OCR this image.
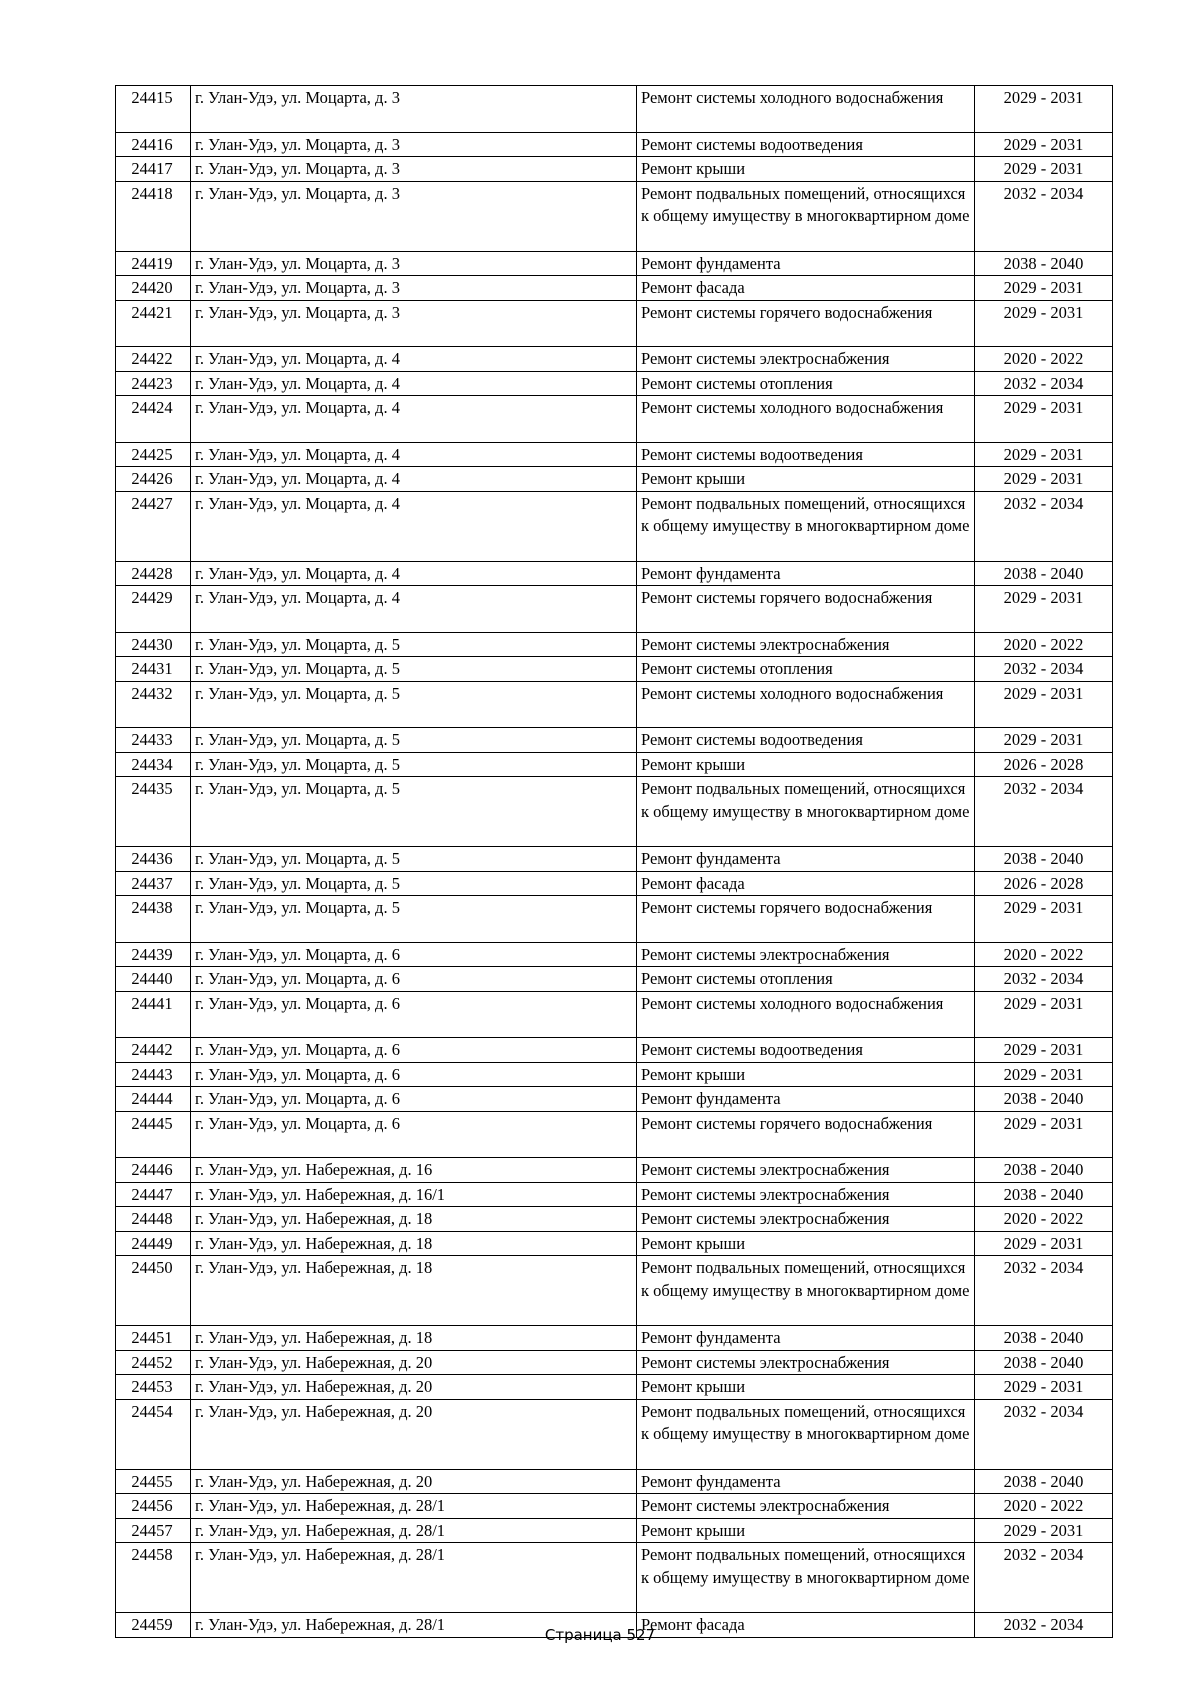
24415	г. Улан-Удэ, ул. Моцарта, д. 3	Ремонт системы холодного водоснабжения	2029 - 2031
24416	г. Улан-Удэ, ул. Моцарта, д. 3	Ремонт системы водоотведения	2029 - 2031
24417	г. Улан-Удэ, ул. Моцарта, д. 3	Ремонт крыши	2029 - 2031
24418	г. Улан-Удэ, ул. Моцарта, д. 3	Ремонт подвальных помещений, относящихся к общему имуществу в многоквартирном доме	2032 - 2034
24419	г. Улан-Удэ, ул. Моцарта, д. 3	Ремонт фундамента	2038 - 2040
24420	г. Улан-Удэ, ул. Моцарта, д. 3	Ремонт фасада	2029 - 2031
24421	г. Улан-Удэ, ул. Моцарта, д. 3	Ремонт системы горячего водоснабжения	2029 - 2031
24422	г. Улан-Удэ, ул. Моцарта, д. 4	Ремонт системы электроснабжения	2020 - 2022
24423	г. Улан-Удэ, ул. Моцарта, д. 4	Ремонт системы отопления	2032 - 2034
24424	г. Улан-Удэ, ул. Моцарта, д. 4	Ремонт системы холодного водоснабжения	2029 - 2031
24425	г. Улан-Удэ, ул. Моцарта, д. 4	Ремонт системы водоотведения	2029 - 2031
24426	г. Улан-Удэ, ул. Моцарта, д. 4	Ремонт крыши	2029 - 2031
24427	г. Улан-Удэ, ул. Моцарта, д. 4	Ремонт подвальных помещений, относящихся к общему имуществу в многоквартирном доме	2032 - 2034
24428	г. Улан-Удэ, ул. Моцарта, д. 4	Ремонт фундамента	2038 - 2040
24429	г. Улан-Удэ, ул. Моцарта, д. 4	Ремонт системы горячего водоснабжения	2029 - 2031
24430	г. Улан-Удэ, ул. Моцарта, д. 5	Ремонт системы электроснабжения	2020 - 2022
24431	г. Улан-Удэ, ул. Моцарта, д. 5	Ремонт системы отопления	2032 - 2034
24432	г. Улан-Удэ, ул. Моцарта, д. 5	Ремонт системы холодного водоснабжения	2029 - 2031
24433	г. Улан-Удэ, ул. Моцарта, д. 5	Ремонт системы водоотведения	2029 - 2031
24434	г. Улан-Удэ, ул. Моцарта, д. 5	Ремонт крыши	2026 - 2028
24435	г. Улан-Удэ, ул. Моцарта, д. 5	Ремонт подвальных помещений, относящихся к общему имуществу в многоквартирном доме	2032 - 2034
24436	г. Улан-Удэ, ул. Моцарта, д. 5	Ремонт фундамента	2038 - 2040
24437	г. Улан-Удэ, ул. Моцарта, д. 5	Ремонт фасада	2026 - 2028
24438	г. Улан-Удэ, ул. Моцарта, д. 5	Ремонт системы горячего водоснабжения	2029 - 2031
24439	г. Улан-Удэ, ул. Моцарта, д. 6	Ремонт системы электроснабжения	2020 - 2022
24440	г. Улан-Удэ, ул. Моцарта, д. 6	Ремонт системы отопления	2032 - 2034
24441	г. Улан-Удэ, ул. Моцарта, д. 6	Ремонт системы холодного водоснабжения	2029 - 2031
24442	г. Улан-Удэ, ул. Моцарта, д. 6	Ремонт системы водоотведения	2029 - 2031
24443	г. Улан-Удэ, ул. Моцарта, д. 6	Ремонт крыши	2029 - 2031
24444	г. Улан-Удэ, ул. Моцарта, д. 6	Ремонт фундамента	2038 - 2040
24445	г. Улан-Удэ, ул. Моцарта, д. 6	Ремонт системы горячего водоснабжения	2029 - 2031
24446	г. Улан-Удэ, ул. Набережная, д. 16	Ремонт системы электроснабжения	2038 - 2040
24447	г. Улан-Удэ, ул. Набережная, д. 16/1	Ремонт системы электроснабжения	2038 - 2040
24448	г. Улан-Удэ, ул. Набережная, д. 18	Ремонт системы электроснабжения	2020 - 2022
24449	г. Улан-Удэ, ул. Набережная, д. 18	Ремонт крыши	2029 - 2031
24450	г. Улан-Удэ, ул. Набережная, д. 18	Ремонт подвальных помещений, относящихся к общему имуществу в многоквартирном доме	2032 - 2034
24451	г. Улан-Удэ, ул. Набережная, д. 18	Ремонт фундамента	2038 - 2040
24452	г. Улан-Удэ, ул. Набережная, д. 20	Ремонт системы электроснабжения	2038 - 2040
24453	г. Улан-Удэ, ул. Набережная, д. 20	Ремонт крыши	2029 - 2031
24454	г. Улан-Удэ, ул. Набережная, д. 20	Ремонт подвальных помещений, относящихся к общему имуществу в многоквартирном доме	2032 - 2034
24455	г. Улан-Удэ, ул. Набережная, д. 20	Ремонт фундамента	2038 - 2040
24456	г. Улан-Удэ, ул. Набережная, д. 28/1	Ремонт системы электроснабжения	2020 - 2022
24457	г. Улан-Удэ, ул. Набережная, д. 28/1	Ремонт крыши	2029 - 2031
24458	г. Улан-Удэ, ул. Набережная, д. 28/1	Ремонт подвальных помещений, относящихся к общему имуществу в многоквартирном доме	2032 - 2034
24459	г. Улан-Удэ, ул. Набережная, д. 28/1	Ремонт фасада	2032 - 2034
Страница 527
